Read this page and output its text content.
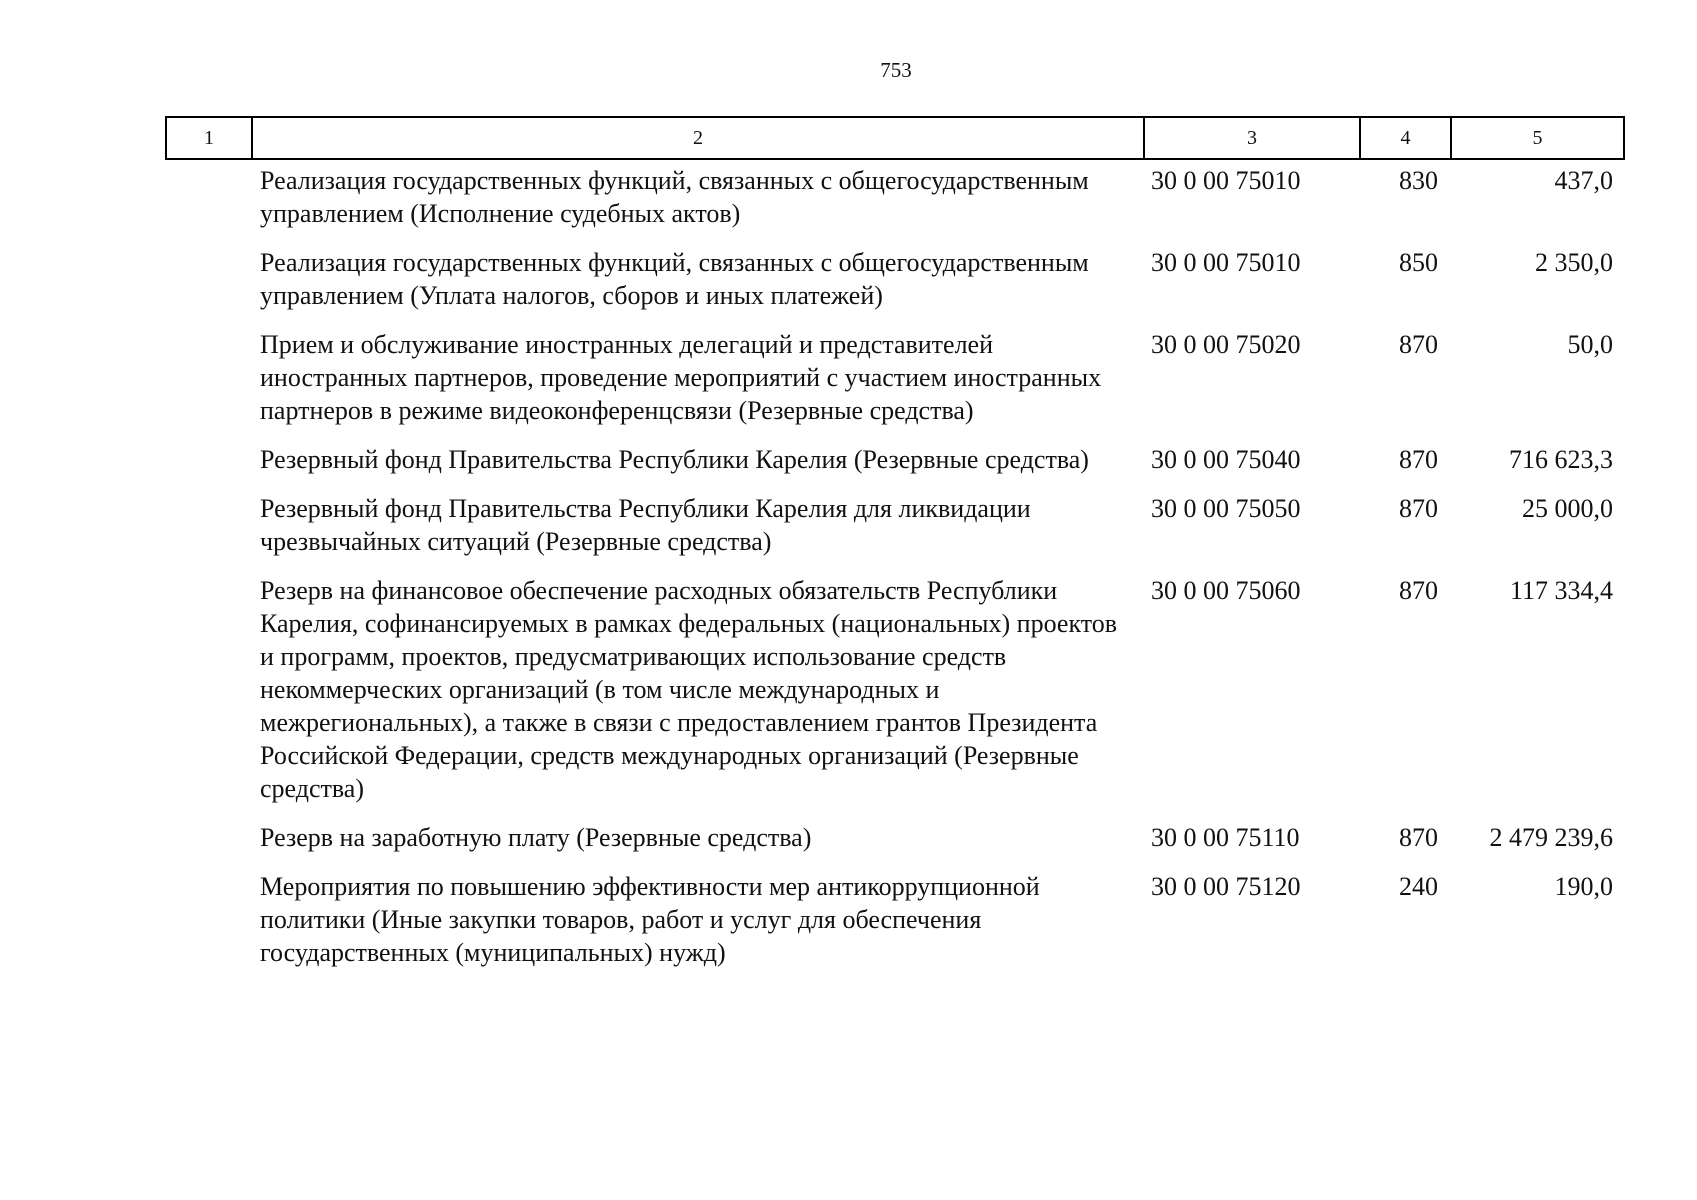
753
1	2	3	4	5
Реализация государственных функций, связанных с общегосударственным управлением (Исполнение судебных актов)	30 0 00 75010	830	437,0
Реализация государственных функций, связанных с общегосударственным управлением (Уплата налогов, сборов и иных платежей)	30 0 00 75010	850	2 350,0
Прием и обслуживание иностранных делегаций и представителей иностранных партнеров, проведение мероприятий с участием иностранных партнеров в режиме видеоконференцсвязи (Резервные средства)	30 0 00 75020	870	50,0
Резервный фонд Правительства Республики Карелия (Резервные средства)	30 0 00 75040	870	716 623,3
Резервный фонд Правительства Республики Карелия для ликвидации чрезвычайных ситуаций (Резервные средства)	30 0 00 75050	870	25 000,0
Резерв на финансовое обеспечение расходных обязательств Республики Карелия, софинансируемых в рамках федеральных (национальных) проектов и программ, проектов, предусматривающих использование средств некоммерческих организаций (в том числе международных и межрегиональных), а также в связи с предоставлением грантов Президента Российской Федерации, средств международных организаций (Резервные средства)	30 0 00 75060	870	117 334,4
Резерв на заработную плату (Резервные средства)	30 0 00 75110	870	2 479 239,6
Мероприятия по повышению эффективности мер антикоррупционной политики (Иные закупки товаров, работ и услуг для обеспечения государственных (муниципальных) нужд)	30 0 00 75120	240	190,0
